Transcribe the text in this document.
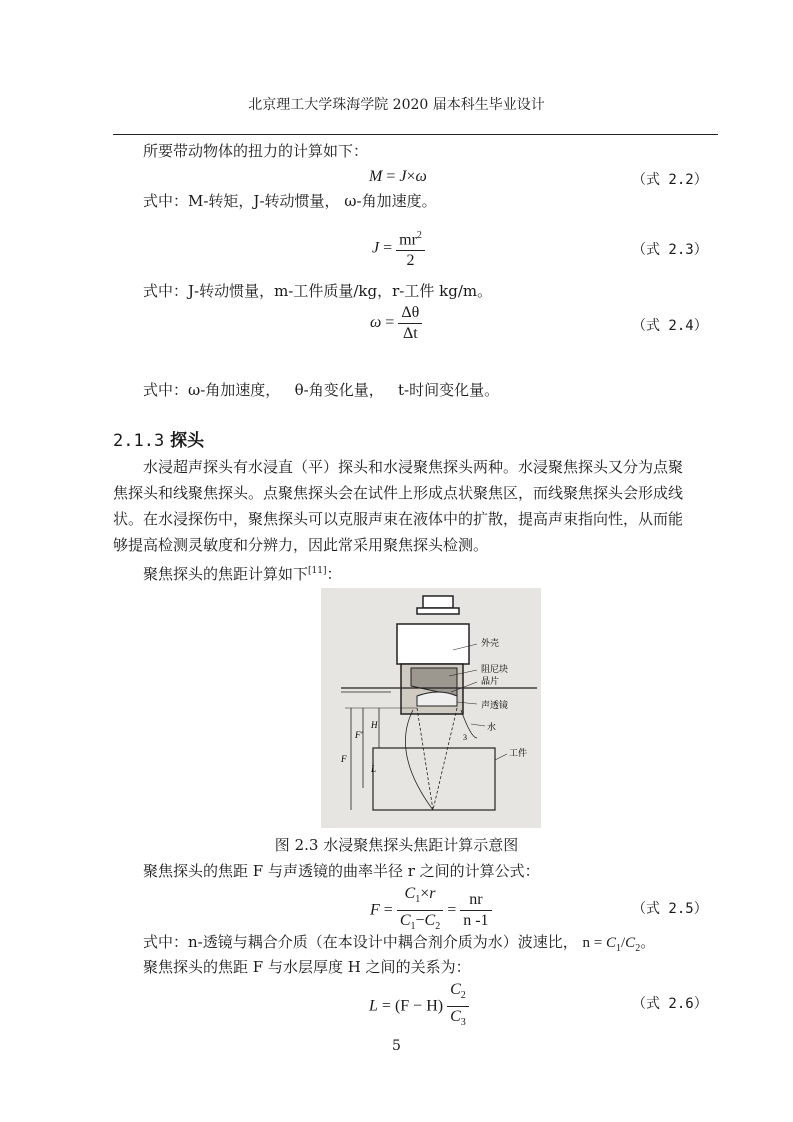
北京理工大学珠海学院 2020 届本科生毕业设计
所要带动物体的扭力的计算如下：
M = J×ω	（式 2.2）
式中：M-转矩，J-转动惯量， ω-角加速度。
$J = \frac{mr^2}{2}$	（式 2.3）
式中：J-转动惯量，m-工件质量/kg，r-工件 kg/m。
$\omega = \frac{\Delta\theta}{\Delta t}$	（式 2.4）
式中：ω-角加速度，   θ-角变化量，   t-时间变化量。
2.1.3 探头
水浸超声探头有水浸直（平）探头和水浸聚焦探头两种。水浸聚焦探头又分为点聚
焦探头和线聚焦探头。点聚焦探头会在试件上形成点状聚焦区，而线聚焦探头会形成线
状。在水浸探伤中，聚焦探头可以克服声束在液体中的扩散，提高声束指向性，从而能
够提高检测灵敏度和分辨力，因此常采用聚焦探头检测。
聚焦探头的焦距计算如下[11]：
外壳
阻尼块
晶片
声透镜
水
工件
F
F'
H
L
3
图 2.3 水浸聚焦探头焦距计算示意图
聚焦探头的焦距 F 与声透镜的曲率半径 r 之间的计算公式：
$F = \frac{C_1\times r}{C_1-C_2} = \frac{nr}{n -1}$	（式 2.5）
式中：n-透镜与耦合介质（在本设计中耦合剂介质为水）波速比， $n = C_1/C_2$。
聚焦探头的焦距 F 与水层厚度 H 之间的关系为：
$L = (F - H) \frac{C_2}{C_3}$	（式 2.6）
5
